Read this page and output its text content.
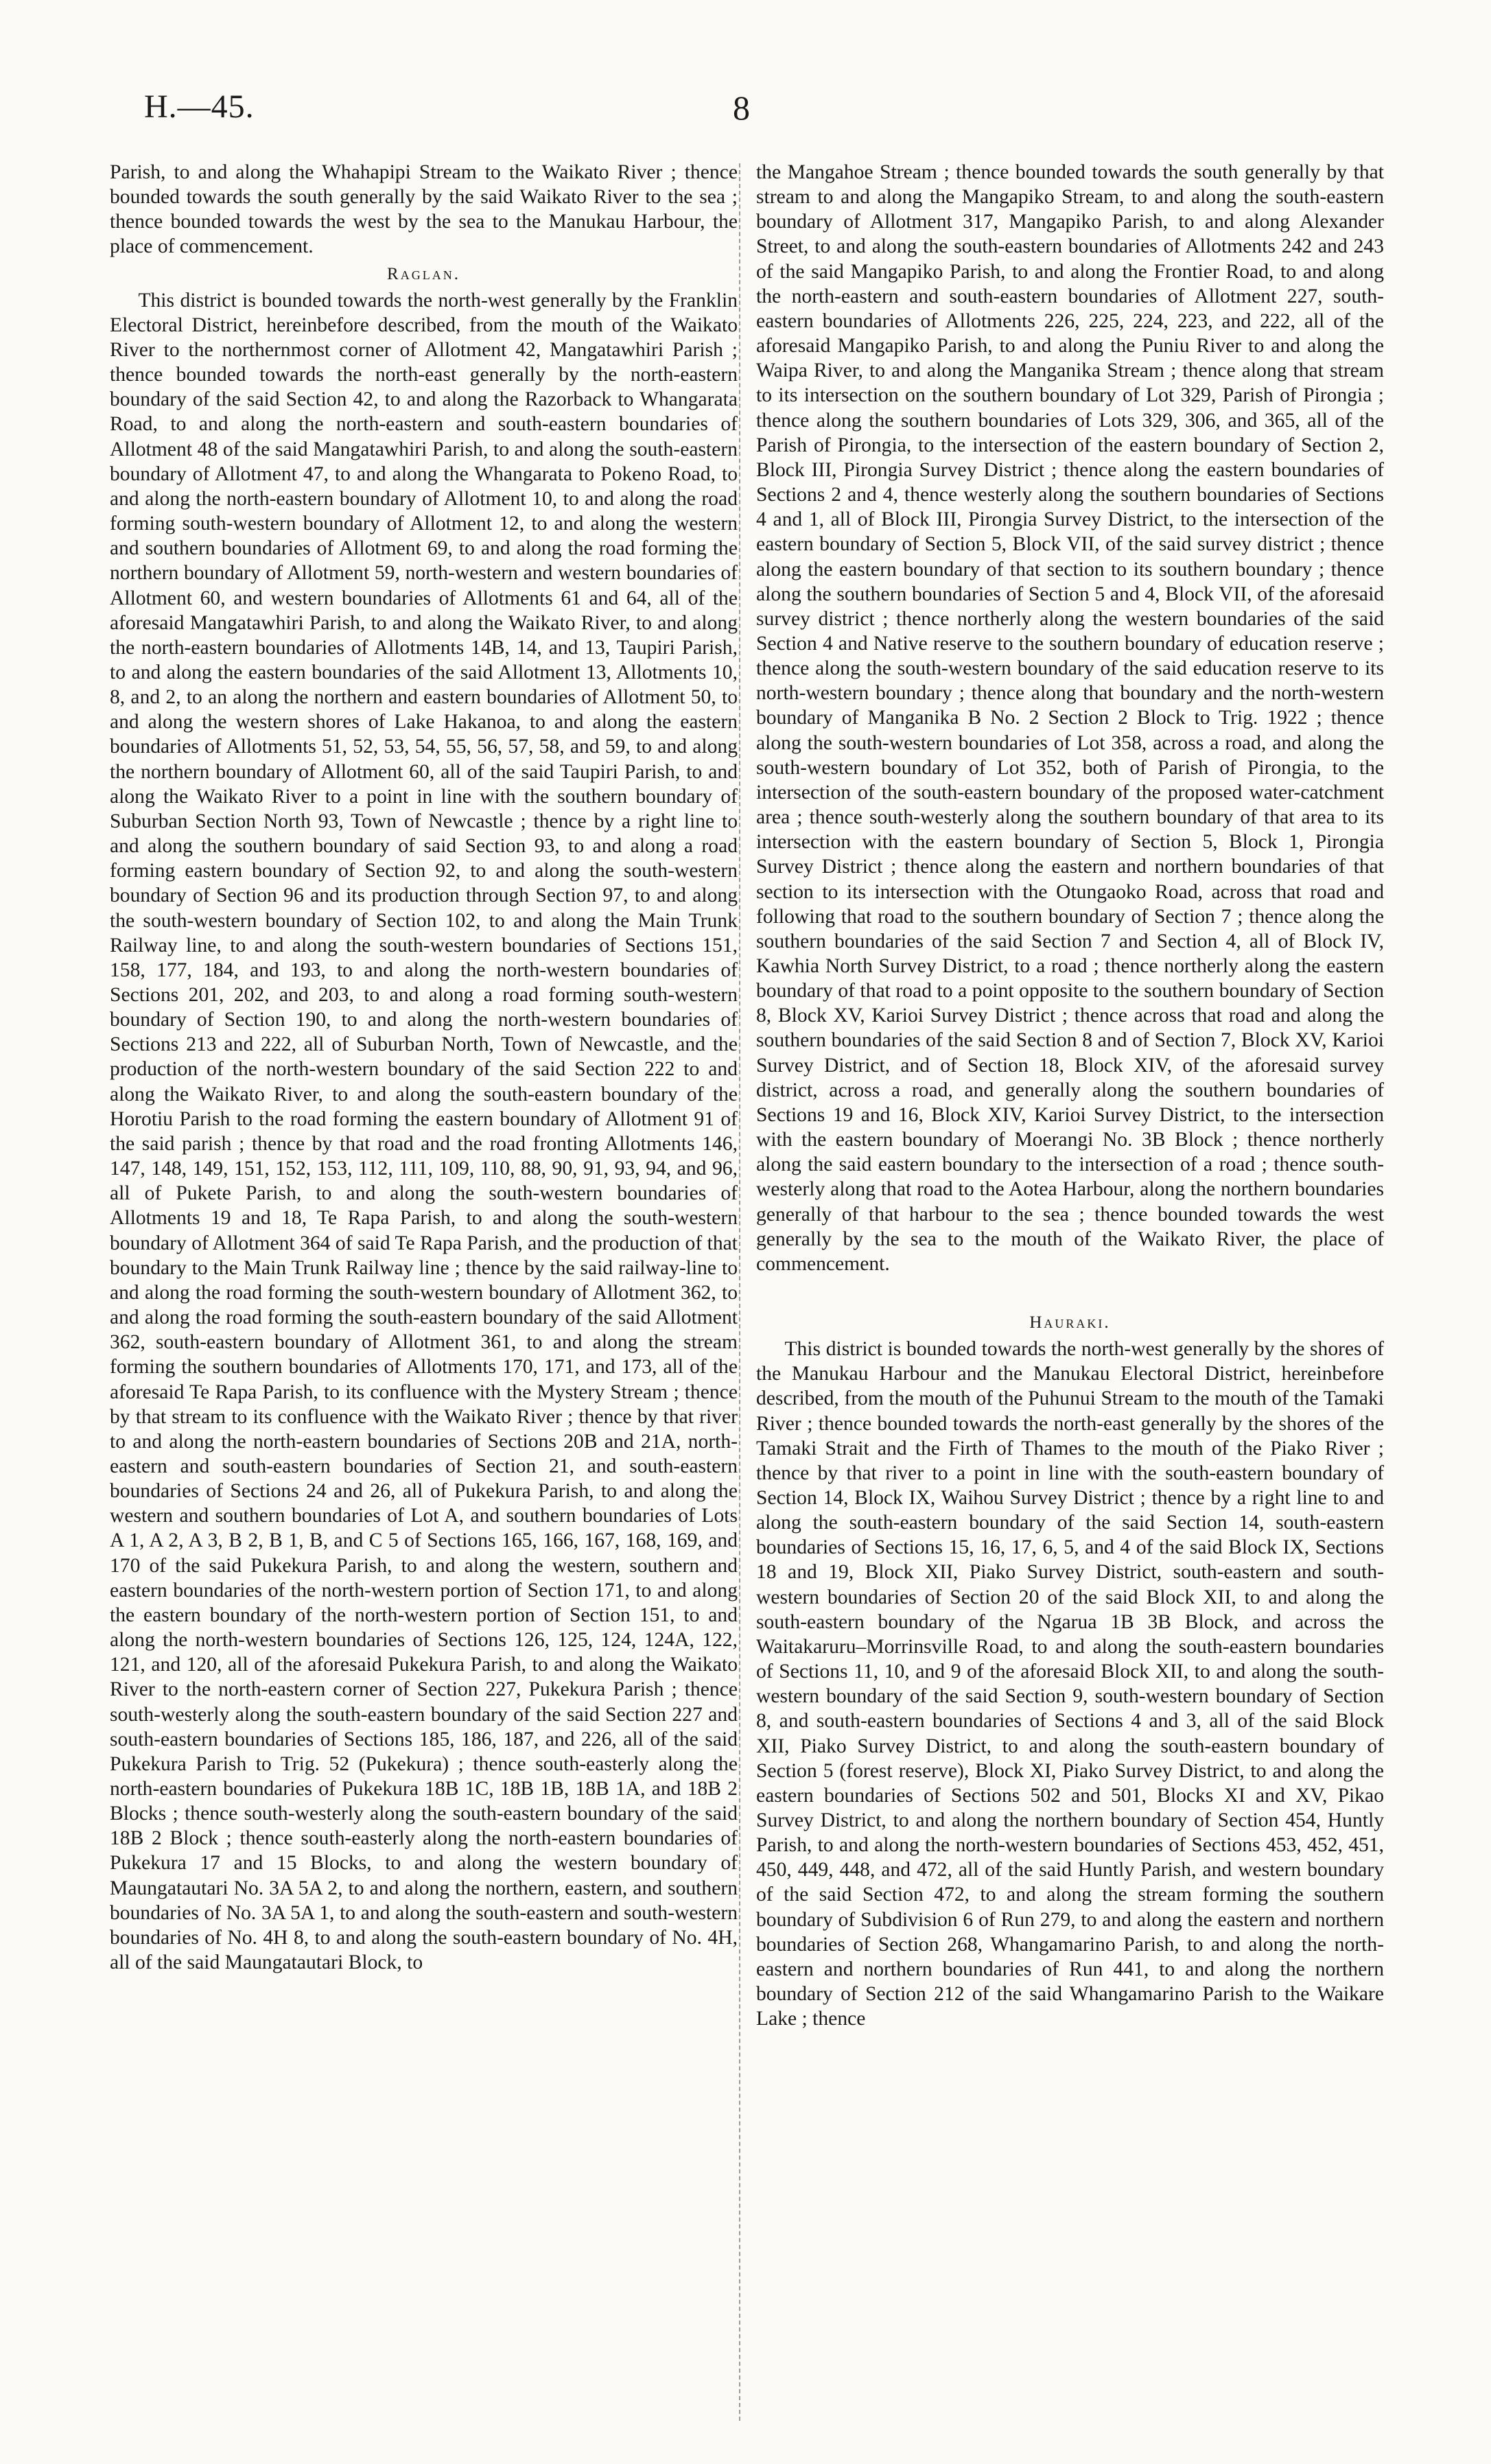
H.—45.	8

Parish, to and along the Whahapipi Stream to the Waikato River ; thence bounded towards the south generally by the said Waikato River to the sea ; thence bounded towards the west by the sea to the Manukau Harbour, the place of commencement.

Raglan.

This district is bounded towards the north-west generally by the Franklin Electoral District, hereinbefore described, from the mouth of the Waikato River to the northernmost corner of Allotment 42, Mangatawhiri Parish ; thence bounded towards the north-east generally by the north-eastern boundary of the said Section 42, to and along the Razorback to Whangarata Road, to and along the north-eastern and south-eastern boundaries of Allotment 48 of the said Mangatawhiri Parish, to and along the south-eastern boundary of Allotment 47, to and along the Whangarata to Pokeno Road, to and along the north-eastern boundary of Allotment 10, to and along the road forming south-western boundary of Allotment 12, to and along the western and southern boundaries of Allotment 69, to and along the road forming the northern boundary of Allotment 59, north-western and western boundaries of Allotment 60, and western boundaries of Allotments 61 and 64, all of the aforesaid Mangatawhiri Parish, to and along the Waikato River, to and along the north-eastern boundaries of Allotments 14B, 14, and 13, Taupiri Parish, to and along the eastern boundaries of the said Allotment 13, Allotments 10, 8, and 2, to an along the northern and eastern boundaries of Allotment 50, to and along the western shores of Lake Hakanoa, to and along the eastern boundaries of Allotments 51, 52, 53, 54, 55, 56, 57, 58, and 59, to and along the northern boundary of Allotment 60, all of the said Taupiri Parish, to and along the Waikato River to a point in line with the southern boundary of Suburban Section North 93, Town of Newcastle ; thence by a right line to and along the southern boundary of said Section 93, to and along a road forming eastern boundary of Section 92, to and along the south-western boundary of Section 96 and its production through Section 97, to and along the south-western boundary of Section 102, to and along the Main Trunk Railway line, to and along the south-western boundaries of Sections 151, 158, 177, 184, and 193, to and along the north-western boundaries of Sections 201, 202, and 203, to and along a road forming south-western boundary of Section 190, to and along the north-western boundaries of Sections 213 and 222, all of Suburban North, Town of Newcastle, and the production of the north-western boundary of the said Section 222 to and along the Waikato River, to and along the south-eastern boundary of the Horotiu Parish to the road forming the eastern boundary of Allotment 91 of the said parish ; thence by that road and the road fronting Allotments 146, 147, 148, 149, 151, 152, 153, 112, 111, 109, 110, 88, 90, 91, 93, 94, and 96, all of Pukete Parish, to and along the south-western boundaries of Allotments 19 and 18, Te Rapa Parish, to and along the south-western boundary of Allotment 364 of said Te Rapa Parish, and the production of that boundary to the Main Trunk Railway line ; thence by the said railway-line to and along the road forming the south-western boundary of Allotment 362, to and along the road forming the south-eastern boundary of the said Allotment 362, south-eastern boundary of Allotment 361, to and along the stream forming the southern boundaries of Allotments 170, 171, and 173, all of the aforesaid Te Rapa Parish, to its confluence with the Mystery Stream ; thence by that stream to its confluence with the Waikato River ; thence by that river to and along the north-eastern boundaries of Sections 20B and 21A, north-eastern and south-eastern boundaries of Section 21, and south-eastern boundaries of Sections 24 and 26, all of Pukekura Parish, to and along the western and southern boundaries of Lot A, and southern boundaries of Lots A 1, A 2, A 3, B 2, B 1, B, and C 5 of Sections 165, 166, 167, 168, 169, and 170 of the said Pukekura Parish, to and along the western, southern and eastern boundaries of the north-western portion of Section 171, to and along the eastern boundary of the north-western portion of Section 151, to and along the north-western boundaries of Sections 126, 125, 124, 124A, 122, 121, and 120, all of the aforesaid Pukekura Parish, to and along the Waikato River to the north-eastern corner of Section 227, Pukekura Parish ; thence south-westerly along the south-eastern boundary of the said Section 227 and south-eastern boundaries of Sections 185, 186, 187, and 226, all of the said Pukekura Parish to Trig. 52 (Pukekura) ; thence south-easterly along the north-eastern boundaries of Pukekura 18B 1C, 18B 1B, 18B 1A, and 18B 2 Blocks ; thence south-westerly along the south-eastern boundary of the said 18B 2 Block ; thence south-easterly along the north-eastern boundaries of Pukekura 17 and 15 Blocks, to and along the western boundary of Maungatautari No. 3A 5A 2, to and along the northern, eastern, and southern boundaries of No. 3A 5A 1, to and along the south-eastern and south-western boundaries of No. 4H 8, to and along the south-eastern boundary of No. 4H, all of the said Maungatautari Block, to

the Mangahoe Stream ; thence bounded towards the south generally by that stream to and along the Mangapiko Stream, to and along the south-eastern boundary of Allotment 317, Mangapiko Parish, to and along Alexander Street, to and along the south-eastern boundaries of Allotments 242 and 243 of the said Mangapiko Parish, to and along the Frontier Road, to and along the north-eastern and south-eastern boundaries of Allotment 227, south-eastern boundaries of Allotments 226, 225, 224, 223, and 222, all of the aforesaid Mangapiko Parish, to and along the Puniu River to and along the Waipa River, to and along the Manganika Stream ; thence along that stream to its intersection on the southern boundary of Lot 329, Parish of Pirongia ; thence along the southern boundaries of Lots 329, 306, and 365, all of the Parish of Pirongia, to the intersection of the eastern boundary of Section 2, Block III, Pirongia Survey District ; thence along the eastern boundaries of Sections 2 and 4, thence westerly along the southern boundaries of Sections 4 and 1, all of Block III, Pirongia Survey District, to the intersection of the eastern boundary of Section 5, Block VII, of the said survey district ; thence along the eastern boundary of that section to its southern boundary ; thence along the southern boundaries of Section 5 and 4, Block VII, of the aforesaid survey district ; thence northerly along the western boundaries of the said Section 4 and Native reserve to the southern boundary of education reserve ; thence along the south-western boundary of the said education reserve to its north-western boundary ; thence along that boundary and the north-western boundary of Manganika B No. 2 Section 2 Block to Trig. 1922 ; thence along the south-western boundaries of Lot 358, across a road, and along the south-western boundary of Lot 352, both of Parish of Pirongia, to the intersection of the south-eastern boundary of the proposed water-catchment area ; thence south-westerly along the southern boundary of that area to its intersection with the eastern boundary of Section 5, Block 1, Pirongia Survey District ; thence along the eastern and northern boundaries of that section to its intersection with the Otungaoko Road, across that road and following that road to the southern boundary of Section 7 ; thence along the southern boundaries of the said Section 7 and Section 4, all of Block IV, Kawhia North Survey District, to a road ; thence northerly along the eastern boundary of that road to a point opposite to the southern boundary of Section 8, Block XV, Karioi Survey District ; thence across that road and along the southern boundaries of the said Section 8 and of Section 7, Block XV, Karioi Survey District, and of Section 18, Block XIV, of the aforesaid survey district, across a road, and generally along the southern boundaries of Sections 19 and 16, Block XIV, Karioi Survey District, to the intersection with the eastern boundary of Moerangi No. 3B Block ; thence northerly along the said eastern boundary to the intersection of a road ; thence south-westerly along that road to the Aotea Harbour, along the northern boundaries generally of that harbour to the sea ; thence bounded towards the west generally by the sea to the mouth of the Waikato River, the place of commencement.

Hauraki.

This district is bounded towards the north-west generally by the shores of the Manukau Harbour and the Manukau Electoral District, hereinbefore described, from the mouth of the Puhunui Stream to the mouth of the Tamaki River ; thence bounded towards the north-east generally by the shores of the Tamaki Strait and the Firth of Thames to the mouth of the Piako River ; thence by that river to a point in line with the south-eastern boundary of Section 14, Block IX, Waihou Survey District ; thence by a right line to and along the south-eastern boundary of the said Section 14, south-eastern boundaries of Sections 15, 16, 17, 6, 5, and 4 of the said Block IX, Sections 18 and 19, Block XII, Piako Survey District, south-eastern and south-western boundaries of Section 20 of the said Block XII, to and along the south-eastern boundary of the Ngarua 1B 3B Block, and across the Waitakaruru–Morrinsville Road, to and along the south-eastern boundaries of Sections 11, 10, and 9 of the aforesaid Block XII, to and along the south-western boundary of the said Section 9, south-western boundary of Section 8, and south-eastern boundaries of Sections 4 and 3, all of the said Block XII, Piako Survey District, to and along the south-eastern boundary of Section 5 (forest reserve), Block XI, Piako Survey District, to and along the eastern boundaries of Sections 502 and 501, Blocks XI and XV, Pikao Survey District, to and along the northern boundary of Section 454, Huntly Parish, to and along the north-western boundaries of Sections 453, 452, 451, 450, 449, 448, and 472, all of the said Huntly Parish, and western boundary of the said Section 472, to and along the stream forming the southern boundary of Subdivision 6 of Run 279, to and along the eastern and northern boundaries of Section 268, Whangamarino Parish, to and along the north-eastern and northern boundaries of Run 441, to and along the northern boundary of Section 212 of the said Whangamarino Parish to the Waikare Lake ; thence
